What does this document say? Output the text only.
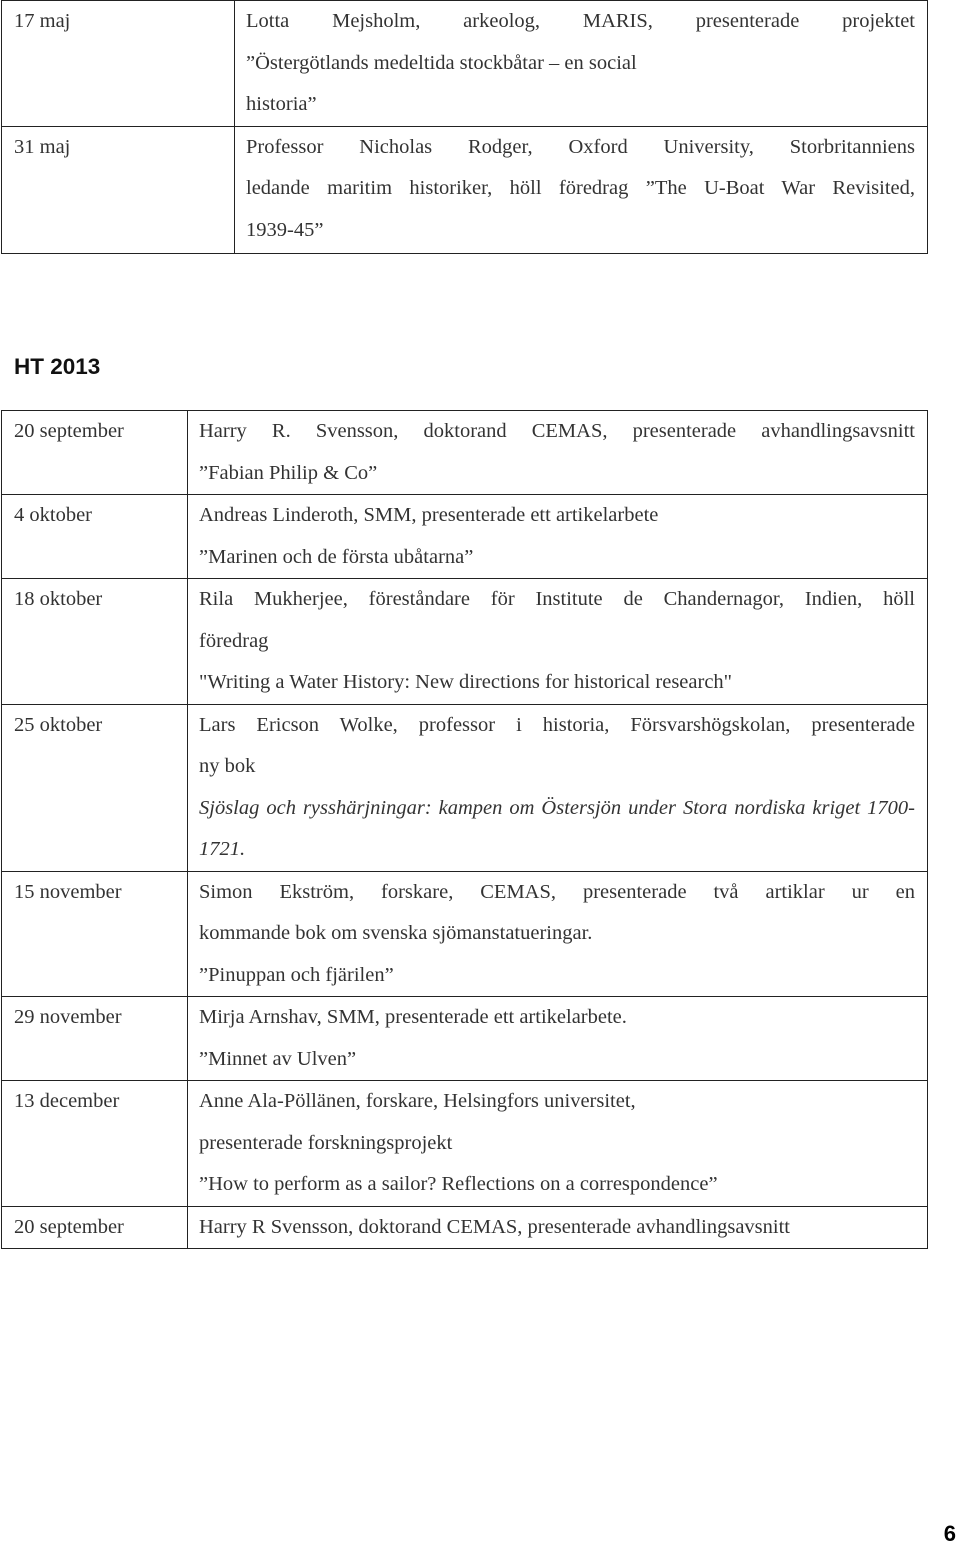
17 maj	Lotta Mejsholm, arkeolog, MARIS, presenterade projektet
”Östergötlands medeltida stockbåtar – en social
historia”

31 maj	Professor Nicholas Rodger, Oxford University, Storbritanniens
ledande maritim historiker, höll föredrag ”The U-Boat War Revisited,
1939-45”
HT 2013
20 september	Harry R. Svensson, doktorand CEMAS, presenterade avhandlingsavsnitt
”Fabian Philip & Co”

4 oktober	Andreas Linderoth, SMM, presenterade ett artikelarbete
”Marinen och de första ubåtarna”

18 oktober	Rila Mukherjee, föreståndare för Institute de Chandernagor, Indien, höll
föredrag
"Writing a Water History: New directions for historical research"

25 oktober	Lars Ericson Wolke, professor i historia, Försvarshögskolan, presenterade
ny bok
Sjöslag och rysshärjningar: kampen om Östersjön under Stora nordiska kriget 1700-
1721.

15 november	Simon Ekström, forskare, CEMAS, presenterade två artiklar ur en
kommande bok om svenska sjömanstatueringar.
”Pinuppan och fjärilen”

29 november	Mirja Arnshav, SMM, presenterade ett artikelarbete.
”Minnet av Ulven”

13 december	Anne Ala-Pöllänen, forskare, Helsingfors universitet,
presenterade forskningsprojekt
”How to perform as a sailor? Reflections on a correspondence”

20 september	Harry R Svensson, doktorand CEMAS, presenterade avhandlingsavsnitt
6
